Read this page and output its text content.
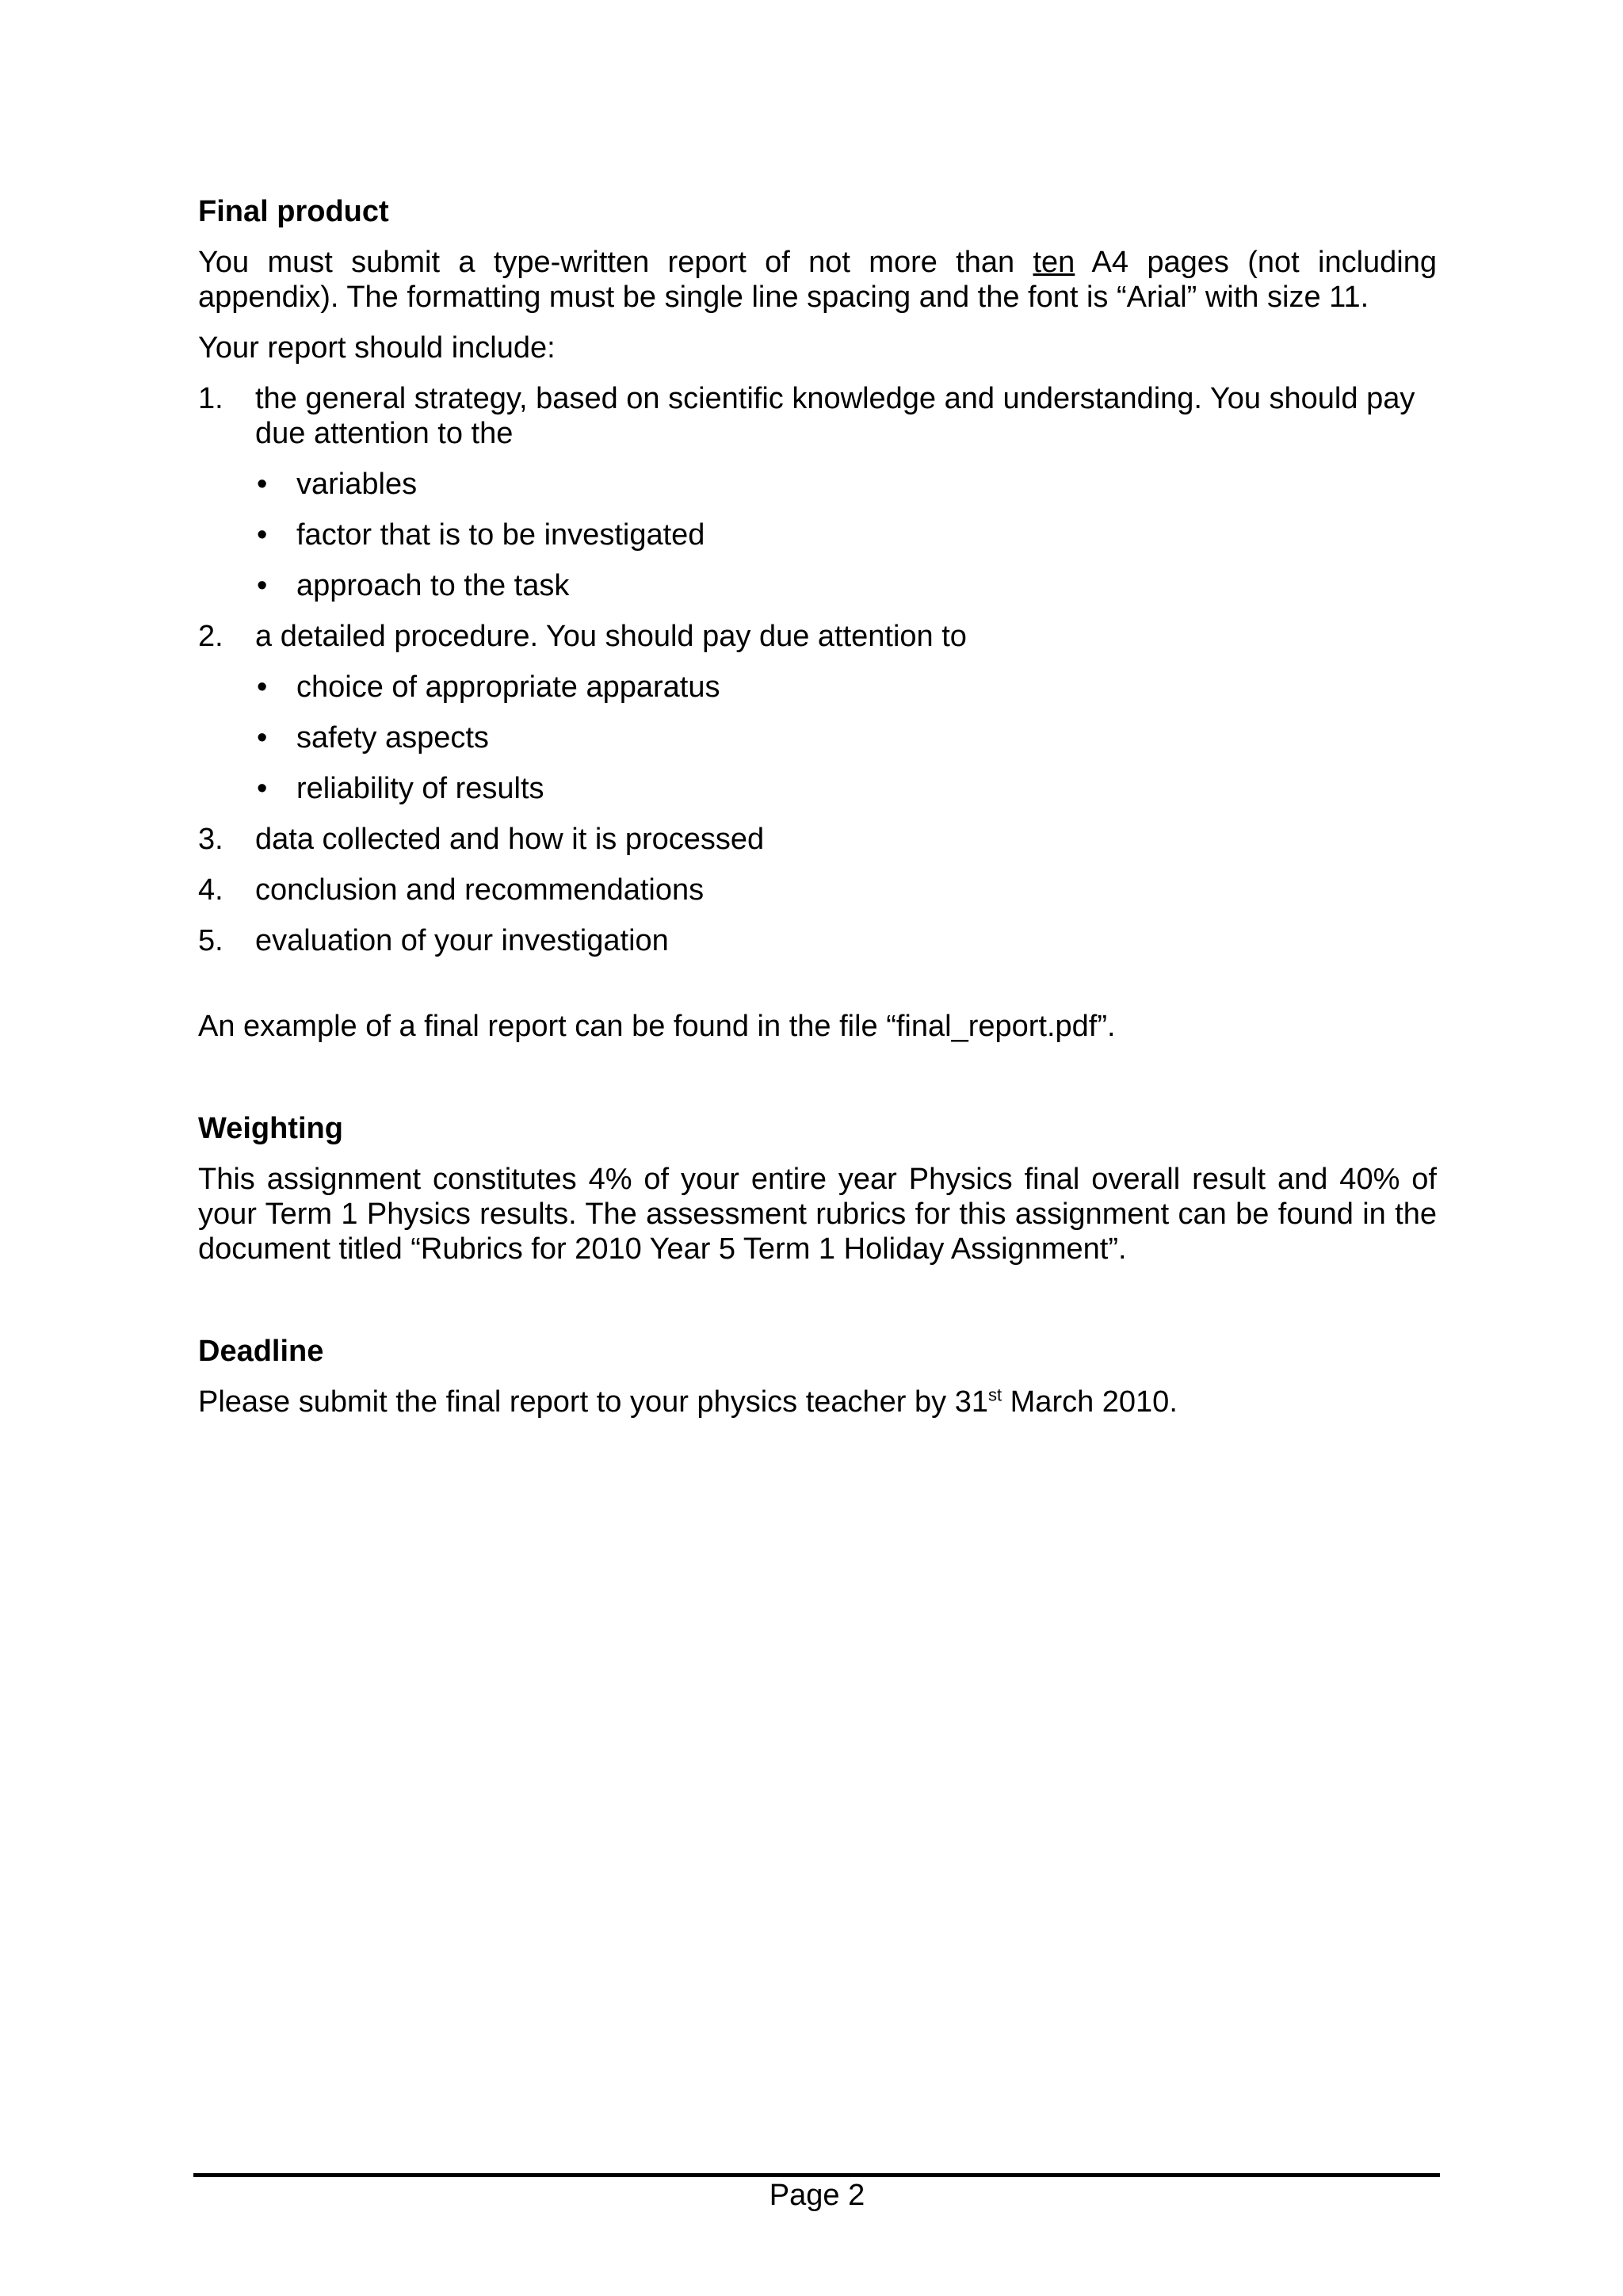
Final product

You must submit a type-written report of not more than ten A4 pages (not including appendix). The formatting must be single line spacing and the font is “Arial” with size 11.

Your report should include:

1. the general strategy, based on scientific knowledge and understanding. You should pay due attention to the
• variables
• factor that is to be investigated
• approach to the task
2. a detailed procedure. You should pay due attention to
• choice of appropriate apparatus
• safety aspects
• reliability of results
3. data collected and how it is processed
4. conclusion and recommendations
5. evaluation of your investigation

An example of a final report can be found in the file “final_report.pdf”.

Weighting

This assignment constitutes 4% of your entire year Physics final overall result and 40% of your Term 1 Physics results. The assessment rubrics for this assignment can be found in the document titled “Rubrics for 2010 Year 5 Term 1 Holiday Assignment”.

Deadline

Please submit the final report to your physics teacher by 31st March 2010.

Page 2
